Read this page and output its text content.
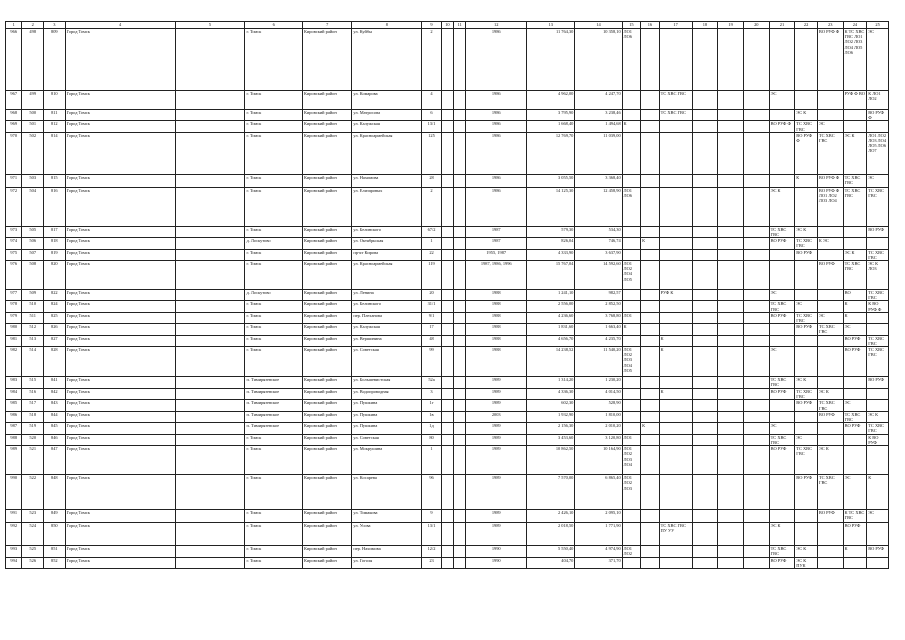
1	2	3	4	5	6	7	8	9	10	11	12	13	14	15	16	17	18	19	20	21	22	23	24	25
966	498	809	Город Томск		г. Томск	Кировский район	ул. Куйбы	2			1986	11 764,30	10 358,10	ЛО1 ЛО6								ВО РУФ Ф	К ТС ХВС ГВС ЛО1 ЛО2 ЛО3 ЛО4 ЛО5 ЛО6	ЭС
967	499	810	Город Томск		г. Томск	Кировский район	ул. Комарова	4			1986	4 962,00	4 247,70			ТС ХВС ГВС				ЭС			РУФ Ф ВО	К ЛО1 ЛО2
968	500	811	Город Томск		г. Томск	Кировский район	ул. Матросова	6			1986	3 795,90	3 238,46			ТС ХВС ГВС					ЭС К			ВО РУФ Ф
969	501	812	Город Томск		г. Томск	Кировский район	ул. Калужская	13/1			1986	1 668,40	1 494,68	К						ВО РУФ Ф	ТС ХВС ГВС	ЭС		
970	502	814	Город Томск		г. Томск	Кировский район	ул. Красноармейская	125			1986	12 769,70	11 039,00								ВО РУФ Ф	ТС ХВС ГВС	ЭС К	ЛО1 ЛО2 ЛО3 ЛО4 ЛО5 ЛО6 ЛО7
971	503	815	Город Томск		г. Томск	Кировский район	ул. Нахимова	28			1986	3 055,50	3 368,40								К	ВО РУФ Ф	ТС ХВС ГВС	ЭС
972	504	816	Город Томск		г. Томск	Кировский район	ул. Елизаровых	2			1986	14 125,30	12 458,90	ЛО1 ЛО6						ЭС К		ВО РУФ Ф ЛО1 ЛО2 ЛО3 ЛО4	ТС ХВС ГВС	ТС ХВС ГВС
973	505	817	Город Томск		г. Томск	Кировский район	ул. Белинского	67/2			1987	579,30	534,30							ТС ХВС ГВС	ЭС К			ВО РУФ
974	506	818	Город Томск		д. Лоскутово	Кировский район	ул. Октябрьская	1			1987	826,04	746,74		К					ВО РУФ	ТС ХВС ГВС	К ЭС		
975	507	819	Город Томск		г. Томск	Кировский район	пр-кт Кирова	22			1955, 1987	4 333,90	3 637,90								ВО РУФ		ЭС К	ТС ХВС ГВС
976	508	820	Город Томск		г. Томск	Кировский район	ул. Красноармейская	119			1987, 1986, 1996	15 767,04	14 592,60	ЛО1 ЛО2 ЛО4 ЛО5								ВО РУФ	ТС ХВС ГВС	ЭС К ЛО3
977	509	822	Город Томск		д. Лоскутово	Кировский район	ул. Ленина	20			1988	1 241,10	982,57			РУФ К				ЭС			ВО	ТС ХВС ГВС
978	510	824	Город Томск		г. Томск	Кировский район	ул. Белинского	31/1			1988	2 556,00	2 852,50							ТС ХВС ГВС	ЭС		К	К ВО РУФ Ф
979	511	825	Город Томск		г. Томск	Кировский район	пер. Плеханова	9/1			1988	4 236,60	3 768,80	ЛО1						ВО РУФ	ТС ХВС ГВС	ЭС	К	
980	512	826	Город Томск		г. Томск	Кировский район	ул. Калужская	17			1988	1 831,60	1 663,40	К							ВО РУФ	ТС ХВС ГВС	ЭС	
981	513	827	Город Томск		г. Томск	Кировский район	ул. Вершинина	48			1988	4 656,70	4 235,70			К							ВО РУФ	ТС ХВС ГВС
982	514	828	Город Томск		г. Томск	Кировский район	ул. Советская	99			1988	14 238,52	11 540,20	ЛО1 ЛО2 ЛО3 ЛО4 ЛО5		К				ЭС			ВО РУФ	ТС ХВС ГВС
983	515	841	Город Томск		п. Тимирязевское	Кировский район	ул. Большевистская	52а			1989	1 314,20	1 230,20							ТС ХВС ГВС	ЭС К			ВО РУФ
984	516	842	Город Томск		п. Тимирязевское	Кировский район	ул. Водопроводная	3			1989	4 336,30	4 014,50			К				ВО РУФ	ТС ХВС ГВС	ЭС К		
985	517	843	Город Томск		п. Тимирязевское	Кировский район	ул. Пушкина	1г			1989	602,30	528,90								ВО РУФ	ТС ХВС ГВС	ЭС	
986	518	844	Город Томск		п. Тимирязевское	Кировский район	ул. Пушкина	1в			2003	1 932,90	1 810,00									ВО РУФ	ТС ХВС ГВС	ЭС К
987	519	845	Город Томск		п. Тимирязевское	Кировский район	ул. Пушкина	1д			1989	2 156,30	2 010,20		К					ЭС			ВО РУФ	ТС ХВС ГВС
988	520	846	Город Томск		г. Томск	Кировский район	ул. Советская	80			1989	3 453,60	3 120,80	ЛО1						ТС ХВС ГВС	ЭС			К ВО РУФ
989	521	847	Город Томск		г. Томск	Кировский район	ул. Мокрушина	1			1989	10 862,50	10 164,90	ЛО1 ЛО2 ЛО3 ЛО4						ВО РУФ	ТС ХВС ГВС	ЭС К		
990	522	848	Город Томск		г. Томск	Кировский район	ул. Косарева	96			1989	7 570,00	6 865,40	ЛО1 ЛО2 ЛО3							ВО РУФ	ТС ХВС ГВС	ЭС	К
991	523	849	Город Томск		г. Томск	Кировский район	ул. Тимакова	9			1989	2 426,10	2 095,10									ВО РУФ	К ТС ХВС ГВС	ЭС
992	524	850	Город Томск		г. Томск	Кировский район	ул. Усова	13/1			1989	2 018,50	1 771,90			ТС ХВС ГВС ПУ УУ				ЭС К			ВО РУФ	
993	525	851	Город Томск		г. Томск	Кировский район	пер. Нахимова	12/2			1990	5 550,40	4 974,90	ЛО1 ЛО2						ТС ХВС ГВС	ЭС К		К	ВО РУФ
994	526	852	Город Томск		г. Томск	Кировский район	ул. Гоголя	23			1990	404,70	371,70							ВО РУФ	ЭС К ПУК			
